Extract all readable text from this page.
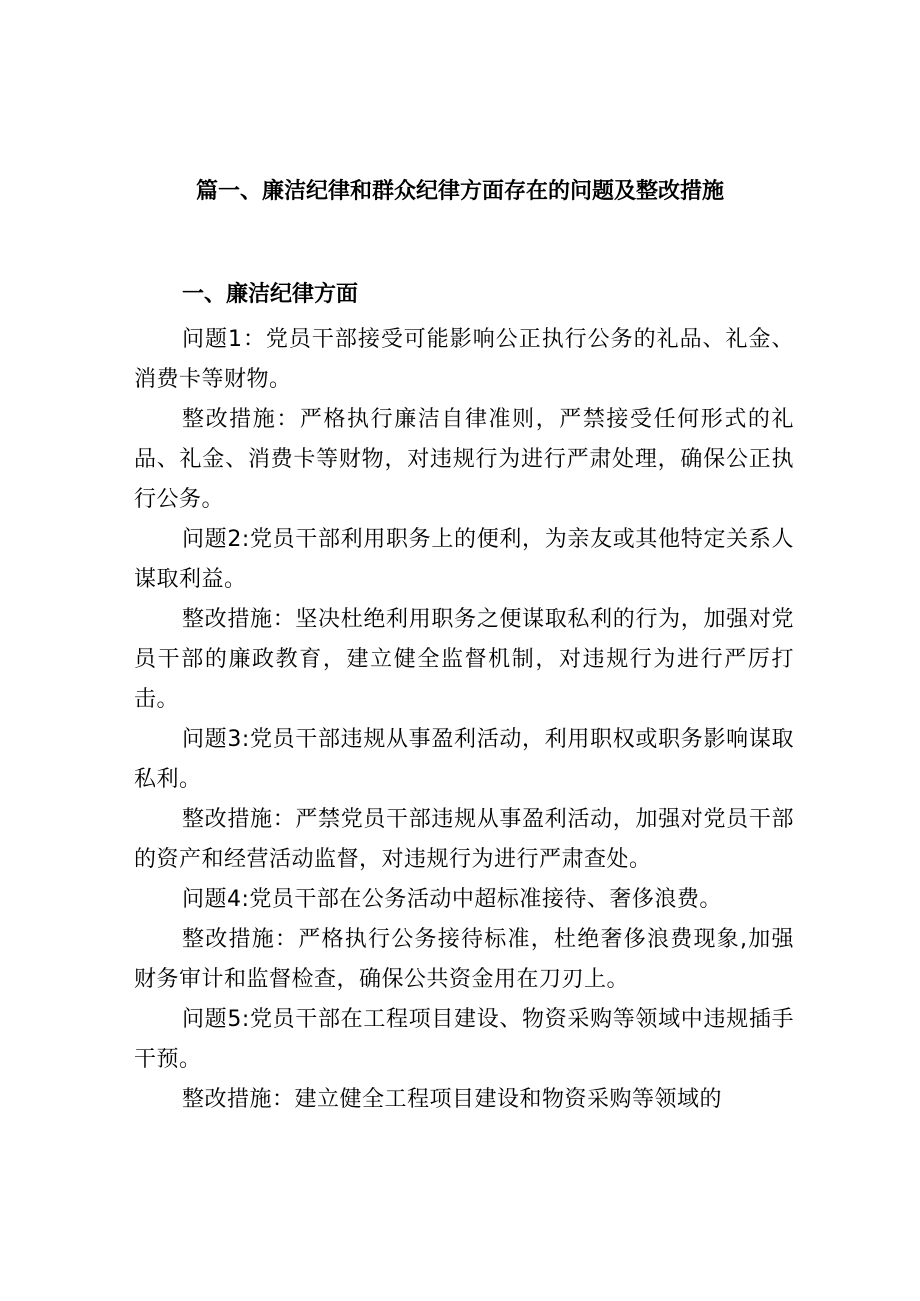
篇一、廉洁纪律和群众纪律方面存在的问题及整改措施
一、廉洁纪律方面

问题1：党员干部接受可能影响公正执行公务的礼品、礼金、消费卡等财物。

整改措施：严格执行廉洁自律准则，严禁接受任何形式的礼品、礼金、消费卡等财物，对违规行为进行严肃处理，确保公正执行公务。

问题2:党员干部利用职务上的便利，为亲友或其他特定关系人谋取利益。

整改措施：坚决杜绝利用职务之便谋取私利的行为，加强对党员干部的廉政教育，建立健全监督机制，对违规行为进行严厉打击。

问题3:党员干部违规从事盈利活动，利用职权或职务影响谋取私利。

整改措施：严禁党员干部违规从事盈利活动，加强对党员干部的资产和经营活动监督，对违规行为进行严肃查处。

问题4:党员干部在公务活动中超标准接待、奢侈浪费。

整改措施：严格执行公务接待标准，杜绝奢侈浪费现象,加强财务审计和监督检查，确保公共资金用在刀刃上。

问题5:党员干部在工程项目建设、物资采购等领域中违规插手干预。

整改措施：建立健全工程项目建设和物资采购等领域的
